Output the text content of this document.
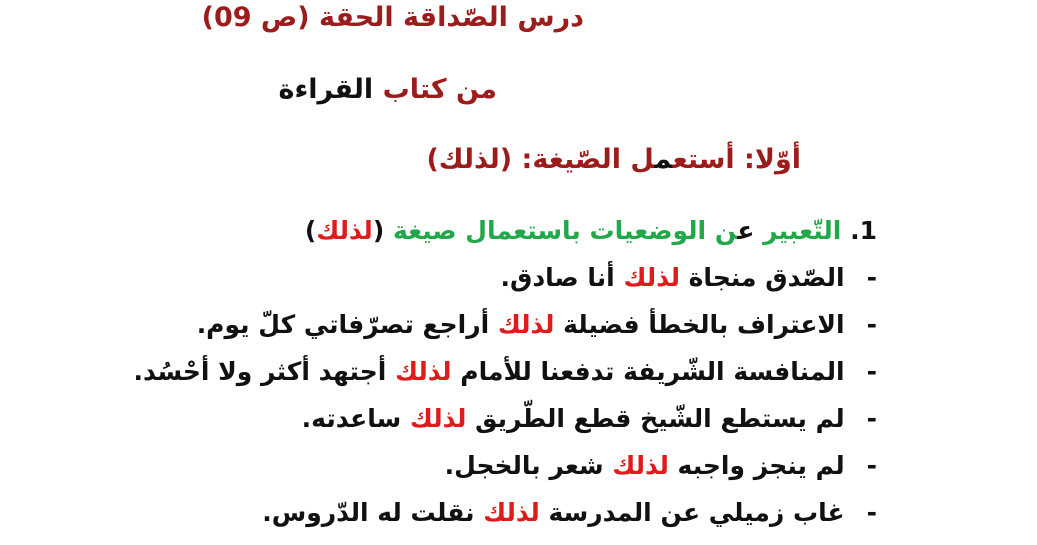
درس الصّداقة الحقة (ص 09)
من كتاب القراءة
أوّلا: أستعمل الصّيغة: (لذلك)
1. التّعبير عن الوضعيات باستعمال صيغة (لذلك)
-الصّدق منجاة لذلك أنا صادق.
-الاعتراف بالخطأ فضيلة لذلك أراجع تصرّفاتي كلّ يوم.
-المنافسة الشّريفة تدفعنا للأمام لذلك أجتهد أكثر ولا أحْسُد.
-لم يستطع الشّيخ قطع الطّريق لذلك ساعدته.
-لم ينجز واجبه لذلك شعر بالخجل.
-غاب زميلي عن المدرسة لذلك نقلت له الدّروس.
